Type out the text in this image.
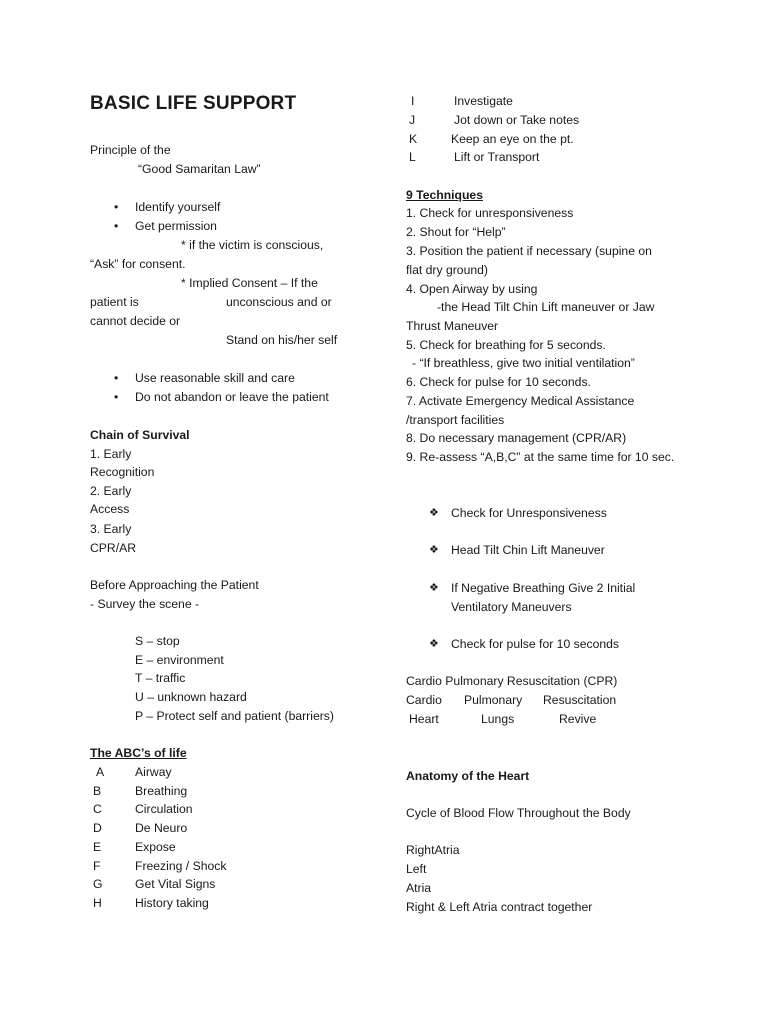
BASIC LIFE SUPPORT
Principle of the
“Good Samaritan Law”
• Identify yourself
• Get permission
* if the victim is conscious,
“Ask” for consent.
* Implied Consent – If the
patient is	unconscious and or
cannot decide or
Stand on his/her self
• Use reasonable skill and care
• Do not abandon or leave the patient
Chain of Survival
1. Early
Recognition
2. Early
Access
3. Early
CPR/AR
Before Approaching the Patient
- Survey the scene -
S – stop
E – environment
T – traffic
U – unknown hazard
P – Protect self and patient (barriers)
The ABC’s of life
A	Airway
B	Breathing
C	Circulation
D	De Neuro
E	Expose
F	Freezing / Shock
G	Get Vital Signs
H	History taking
I	Investigate
J	Jot down or Take notes
K	Keep an eye on the pt.
L	Lift or Transport
9 Techniques
1. Check for unresponsiveness
2. Shout for “Help”
3. Position the patient if necessary (supine on
flat dry ground)
4. Open Airway by using
-the Head Tilt Chin Lift maneuver or Jaw
Thrust Maneuver
5. Check for breathing for 5 seconds.
- “If breathless, give two initial ventilation”
6. Check for pulse for 10 seconds.
7. Activate Emergency Medical Assistance
/transport facilities
8. Do necessary management (CPR/AR)
9. Re-assess “A,B,C” at the same time for 10 sec.
❖ Check for Unresponsiveness
❖ Head Tilt Chin Lift Maneuver
❖ If Negative Breathing Give 2 Initial
Ventilatory Maneuvers
❖ Check for pulse for 10 seconds
Cardio Pulmonary Resuscitation (CPR)
Cardio Pulmonary Resuscitation
Heart	Lungs	Revive
Anatomy of the Heart
Cycle of Blood Flow Throughout the Body
RightAtria
Left
Atria
Right & Left Atria contract together
